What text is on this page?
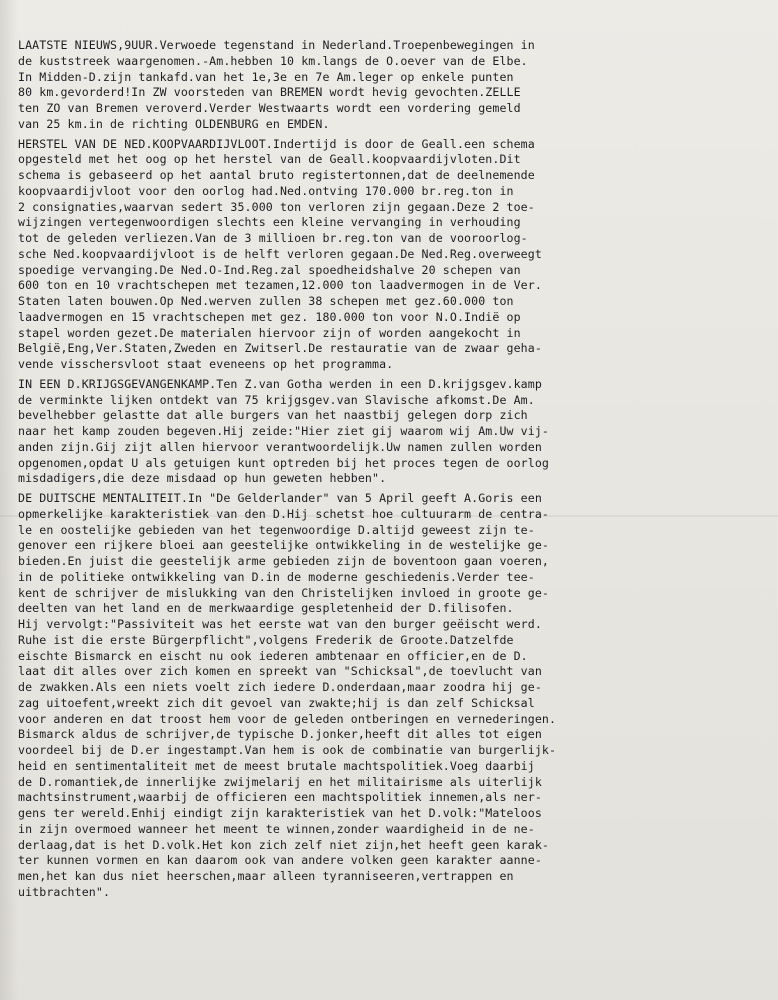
LAATSTE NIEUWS,9UUR.Verwoede tegenstand in Nederland.Troepenbewegingen in
de kuststreek waargenomen.-Am.hebben 10 km.langs de O.oever van de Elbe.
In Midden-D.zijn tankafd.van het 1e,3e en 7e Am.leger op enkele punten
80 km.gevorderd!In ZW voorsteden van BREMEN wordt hevig gevochten.ZELLE
ten ZO van Bremen veroverd.Verder Westwaarts wordt een vordering gemeld
van 25 km.in de richting OLDENBURG en EMDEN.
HERSTEL VAN DE NED.KOOPVAARDIJVLOOT.Indertijd is door de Geall.een schema
opgesteld met het oog op het herstel van de Geall.koopvaardijvloten.Dit
schema is gebaseerd op het aantal bruto registertonnen,dat de deelnemende
koopvaardijvloot voor den oorlog had.Ned.ontving 170.000 br.reg.ton in
2 consignaties,waarvan sedert 35.000 ton verloren zijn gegaan.Deze 2 toe-
wijzingen vertegenwoordigen slechts een kleine vervanging in verhouding
tot de geleden verliezen.Van de 3 millioen br.reg.ton van de vooroorlog-
sche Ned.koopvaardijvloot is de helft verloren gegaan.De Ned.Reg.overweegt
spoedige vervanging.De Ned.O-Ind.Reg.zal spoedheidshalve 20 schepen van
600 ton en 10 vrachtschepen met tezamen,12.000 ton laadvermogen in de Ver.
Staten laten bouwen.Op Ned.werven zullen 38 schepen met gez.60.000 ton
laadvermogen en 15 vrachtschepen met gez. 180.000 ton voor N.O.Indië op
stapel worden gezet.De materialen hiervoor zijn of worden aangekocht in
België,Eng,Ver.Staten,Zweden en Zwitserl.De restauratie van de zwaar geha-
vende visschersvloot staat eveneens op het programma.
IN EEN D.KRIJGSGEVANGENKAMP.Ten Z.van Gotha werden in een D.krijgsgev.kamp
de verminkte lijken ontdekt van 75 krijgsgev.van Slavische afkomst.De Am.
bevelhebber gelastte dat alle burgers van het naastbij gelegen dorp zich
naar het kamp zouden begeven.Hij zeide:"Hier ziet gij waarom wij Am.Uw vij-
anden zijn.Gij zijt allen hiervoor verantwoordelijk.Uw namen zullen worden
opgenomen,opdat U als getuigen kunt optreden bij het proces tegen de oorlog
misdadigers,die deze misdaad op hun geweten hebben".
DE DUITSCHE MENTALITEIT.In "De Gelderlander" van 5 April geeft A.Goris een
opmerkelijke karakteristiek van den D.Hij schetst hoe cultuurarm de centra-
le en oostelijke gebieden van het tegenwoordige D.altijd geweest zijn te-
genover een rijkere bloei aan geestelijke ontwikkeling in de westelijke ge-
bieden.En juist die geestelijk arme gebieden zijn de boventoon gaan voeren,
in de politieke ontwikkeling van D.in de moderne geschiedenis.Verder tee-
kent de schrijver de mislukking van den Christelijken invloed in groote ge-
deelten van het land en de merkwaardige gespletenheid der D.filisofen.
Hij vervolgt:"Passiviteit was het eerste wat van den burger geëischt werd.
Ruhe ist die erste Bürgerpflicht",volgens Frederik de Groote.Datzelfde
eischte Bismarck en eischt nu ook iederen ambtenaar en officier,en de D.
laat dit alles over zich komen en spreekt van "Schicksal",de toevlucht van
de zwakken.Als een niets voelt zich iedere D.onderdaan,maar zoodra hij ge-
zag uitoefent,wreekt zich dit gevoel van zwakte;hij is dan zelf Schicksal
voor anderen en dat troost hem voor de geleden ontberingen en vernederingen.
Bismarck aldus de schrijver,de typische D.jonker,heeft dit alles tot eigen
voordeel bij de D.er ingestampt.Van hem is ook de combinatie van burgerlijk-
heid en sentimentaliteit met de meest brutale machtspolitiek.Voeg daarbij
de D.romantiek,de innerlijke zwijmelarij en het militairisme als uiterlijk
machtsinstrument,waarbij de officieren een machtspolitiek innemen,als ner-
gens ter wereld.Enhij eindigt zijn karakteristiek van het D.volk:"Mateloos
in zijn overmoed wanneer het meent te winnen,zonder waardigheid in de ne-
derlaag,dat is het D.volk.Het kon zich zelf niet zijn,het heeft geen karak-
ter kunnen vormen en kan daarom ook van andere volken geen karakter aanne-
men,het kan dus niet heerschen,maar alleen tyranniseeren,vertrappen en
uitbrachten".
